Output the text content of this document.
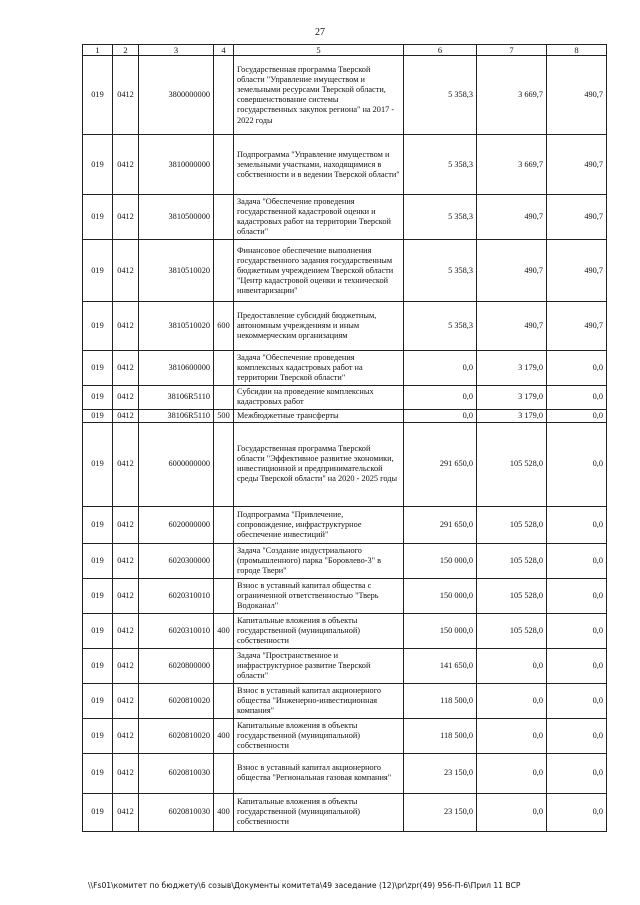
27
1	2	3	4	5	6	7	8
019	0412	3800000000		Государственная программа Тверской области "Управление имуществом и земельными ресурсами Тверской области, совершенствование системы государственных закупок региона" на 2017 - 2022 годы	5 358,3	3 669,7	490,7
019	0412	3810000000		Подпрограмма "Управление имуществом и земельными участками, находящимися в собственности и в ведении Тверской области"	5 358,3	3 669,7	490,7
019	0412	3810500000		Задача "Обеспечение проведения государственной кадастровой оценки и кадастровых работ на территории Тверской области"	5 358,3	490,7	490,7
019	0412	3810510020		Финансовое обеспечение выполнения государственного задания государственным бюджетным учреждением Тверской области "Центр кадастровой оценки и технической инвентаризации"	5 358,3	490,7	490,7
019	0412	3810510020	600	Предоставление субсидий бюджетным, автономным учреждениям и иным некоммерческим организациям	5 358,3	490,7	490,7
019	0412	3810600000		Задача "Обеспечение проведения комплексных кадастровых работ на территории Тверской области"	0,0	3 179,0	0,0
019	0412	38106R5110		Субсидии на проведение комплексных кадастровых работ	0,0	3 179,0	0,0
019	0412	38106R5110	500	Межбюджетные трансферты	0,0	3 179,0	0,0
019	0412	6000000000		Государственная программа Тверской области "Эффективное развитие экономики, инвестиционной и предпринимательской среды Тверской области" на 2020 - 2025 годы	291 650,0	105 528,0	0,0
019	0412	6020000000		Подпрограмма "Привлечение, сопровождение, инфраструктурное обеспечение инвестиций"	291 650,0	105 528,0	0,0
019	0412	6020300000		Задача "Создание индустриального (промышленного) парка "Боровлево-3" в городе Твери"	150 000,0	105 528,0	0,0
019	0412	6020310010		Взнос в уставный капитал общества с ограниченной ответственностью "Тверь Водоканал"	150 000,0	105 528,0	0,0
019	0412	6020310010	400	Капитальные вложения в объекты государственной (муниципальной) собственности	150 000,0	105 528,0	0,0
019	0412	6020800000		Задача "Пространственное и инфраструктурное развитие Тверской области"	141 650,0	0,0	0,0
019	0412	6020810020		Взнос в уставный капитал акционерного общества "Инженерно-инвестиционная компания"	118 500,0	0,0	0,0
019	0412	6020810020	400	Капитальные вложения в объекты государственной (муниципальной) собственности	118 500,0	0,0	0,0
019	0412	6020810030		Взнос в уставный капитал акционерного общества "Региональная газовая компания"	23 150,0	0,0	0,0
019	0412	6020810030	400	Капитальные вложения в объекты государственной (муниципальной) собственности	23 150,0	0,0	0,0
\\Fs01\комитет по бюджету\6 созыв\Документы комитета\49 заседание (12)\pr\zpr(49) 956-П-6\Прил 11 ВСР
